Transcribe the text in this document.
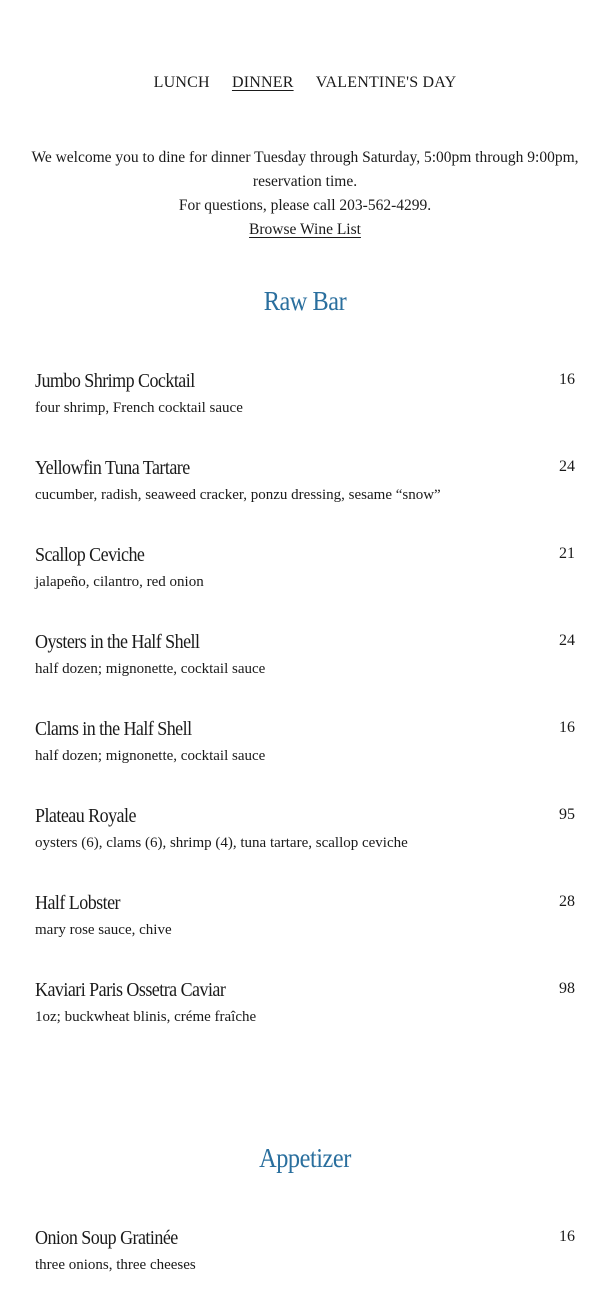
LUNCH DINNER VALENTINE'S DAY

We welcome you to dine for dinner Tuesday through Saturday, 5:00pm through 9:00pm, reservation time.

For questions, please call 203-562-4299.

Browse Wine List

Raw Bar
Jumbo Shrimp Cocktail	16
four shrimp, French cocktail sauce
Yellowfin Tuna Tartare	24
cucumber, radish, seaweed cracker, ponzu dressing, sesame “snow”
Scallop Ceviche	21
jalapeño, cilantro, red onion
Oysters in the Half Shell	24
half dozen; mignonette, cocktail sauce
Clams in the Half Shell	16
half dozen; mignonette, cocktail sauce
Plateau Royale	95
oysters (6), clams (6), shrimp (4), tuna tartare, scallop ceviche
Half Lobster	28
mary rose sauce, chive
Kaviari Paris Ossetra Caviar	98
1oz; buckwheat blinis, créme fraîche
Appetizer
Onion Soup Gratinée	16
three onions, three cheeses
